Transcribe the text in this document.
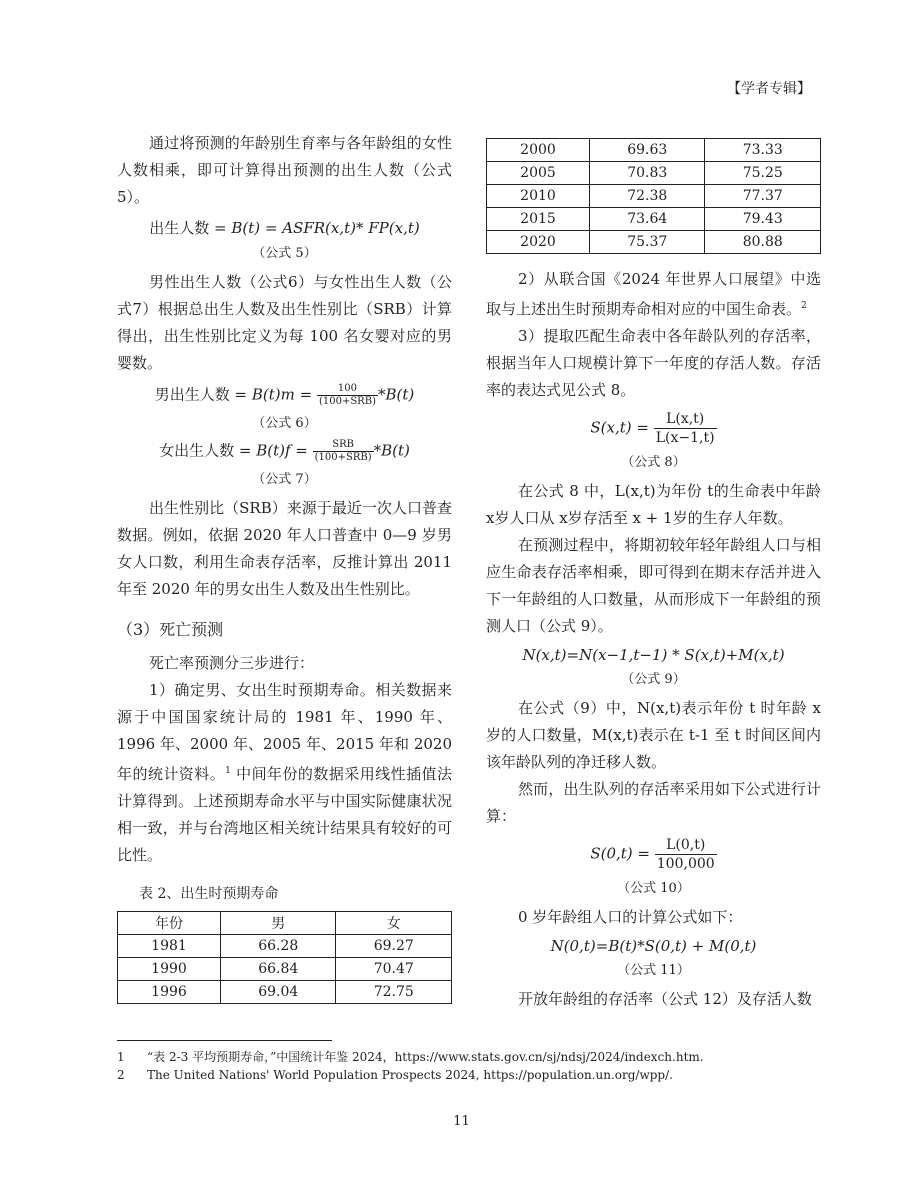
【学者专辑】

通过将预测的年龄别生育率与各年龄组的女性人数相乘，即可计算得出预测的出生人数（公式5）。

出生人数 = B(t) = ASFR(x,t)* FP(x,t)
（公式 5）

男性出生人数（公式6）与女性出生人数（公式7）根据总出生人数及出生性别比（SRB）计算得出，出生性别比定义为每 100 名女婴对应的男婴数。

男出生人数 = $B(t)m = \frac{100}{\text{(100+SRB)}} *B(t)$
（公式 6）
女出生人数 = $B(t)f = \frac{\text{SRB}}{\text{(100+SRB)}} *B(t)$
（公式 7）

出生性别比（SRB）来源于最近一次人口普查数据。例如，依据 2020 年人口普查中 0—9 岁男女人口数，利用生命表存活率，反推计算出 2011 年至 2020 年的男女出生人数及出生性别比。

（3）死亡预测

死亡率预测分三步进行：

1）确定男、女出生时预期寿命。相关数据来源于中国国家统计局的 1981 年、1990 年、1996 年、2000 年、2005 年、2015 年和 2020 年的统计资料。$^1$ 中间年份的数据采用线性插值法计算得到。上述预期寿命水平与中国实际健康状况相一致，并与台湾地区相关统计结果具有较好的可比性。

表 2、出生时预期寿命
年份	男	女
1981	66.28	69.27
1990	66.84	70.47
1996	69.04	72.75
2000	69.63	73.33
2005	70.83	75.25
2010	72.38	77.37
2015	73.64	79.43
2020	75.37	80.88

2）从联合国《2024 年世界人口展望》中选取与上述出生时预期寿命相对应的中国生命表。$^2$

3）提取匹配生命表中各年龄队列的存活率，根据当年人口规模计算下一年度的存活人数。存活率的表达式见公式 8。

$S(x,t) = \frac{L(x,t)}{L(x-1,t)}$
（公式 8）

在公式 8 中，L(x,t)为年份 t的生命表中年龄x岁人口从 x岁存活至 x + 1岁的生存人年数。

在预测过程中，将期初较年轻年龄组人口与相应生命表存活率相乘，即可得到在期末存活并进入下一年龄组的人口数量，从而形成下一年龄组的预测人口（公式 9）。

N(x,t)=N(x−1,t−1) * S(x,t)+M(x,t)
（公式 9）

在公式（9）中，N(x,t)表示年份 t 时年龄 x岁的人口数量，M(x,t)表示在 t-1 至 t 时间区间内该年龄队列的净迁移人数。

然而，出生队列的存活率采用如下公式进行计算：

$S(0,t) = \frac{L(0,t)}{100,000}$
（公式 10）

0 岁年龄组人口的计算公式如下：

N(0,t)=B(t)*S(0,t) + M(0,t)
（公式 11）

开放年龄组的存活率（公式 12）及存活人数

1 “表 2-3 平均预期寿命，”中国统计年鉴 2024，https://www.stats.gov.cn/sj/ndsj/2024/indexch.htm.
2 The United Nations' World Population Prospects 2024, https://population.un.org/wpp/.
11
